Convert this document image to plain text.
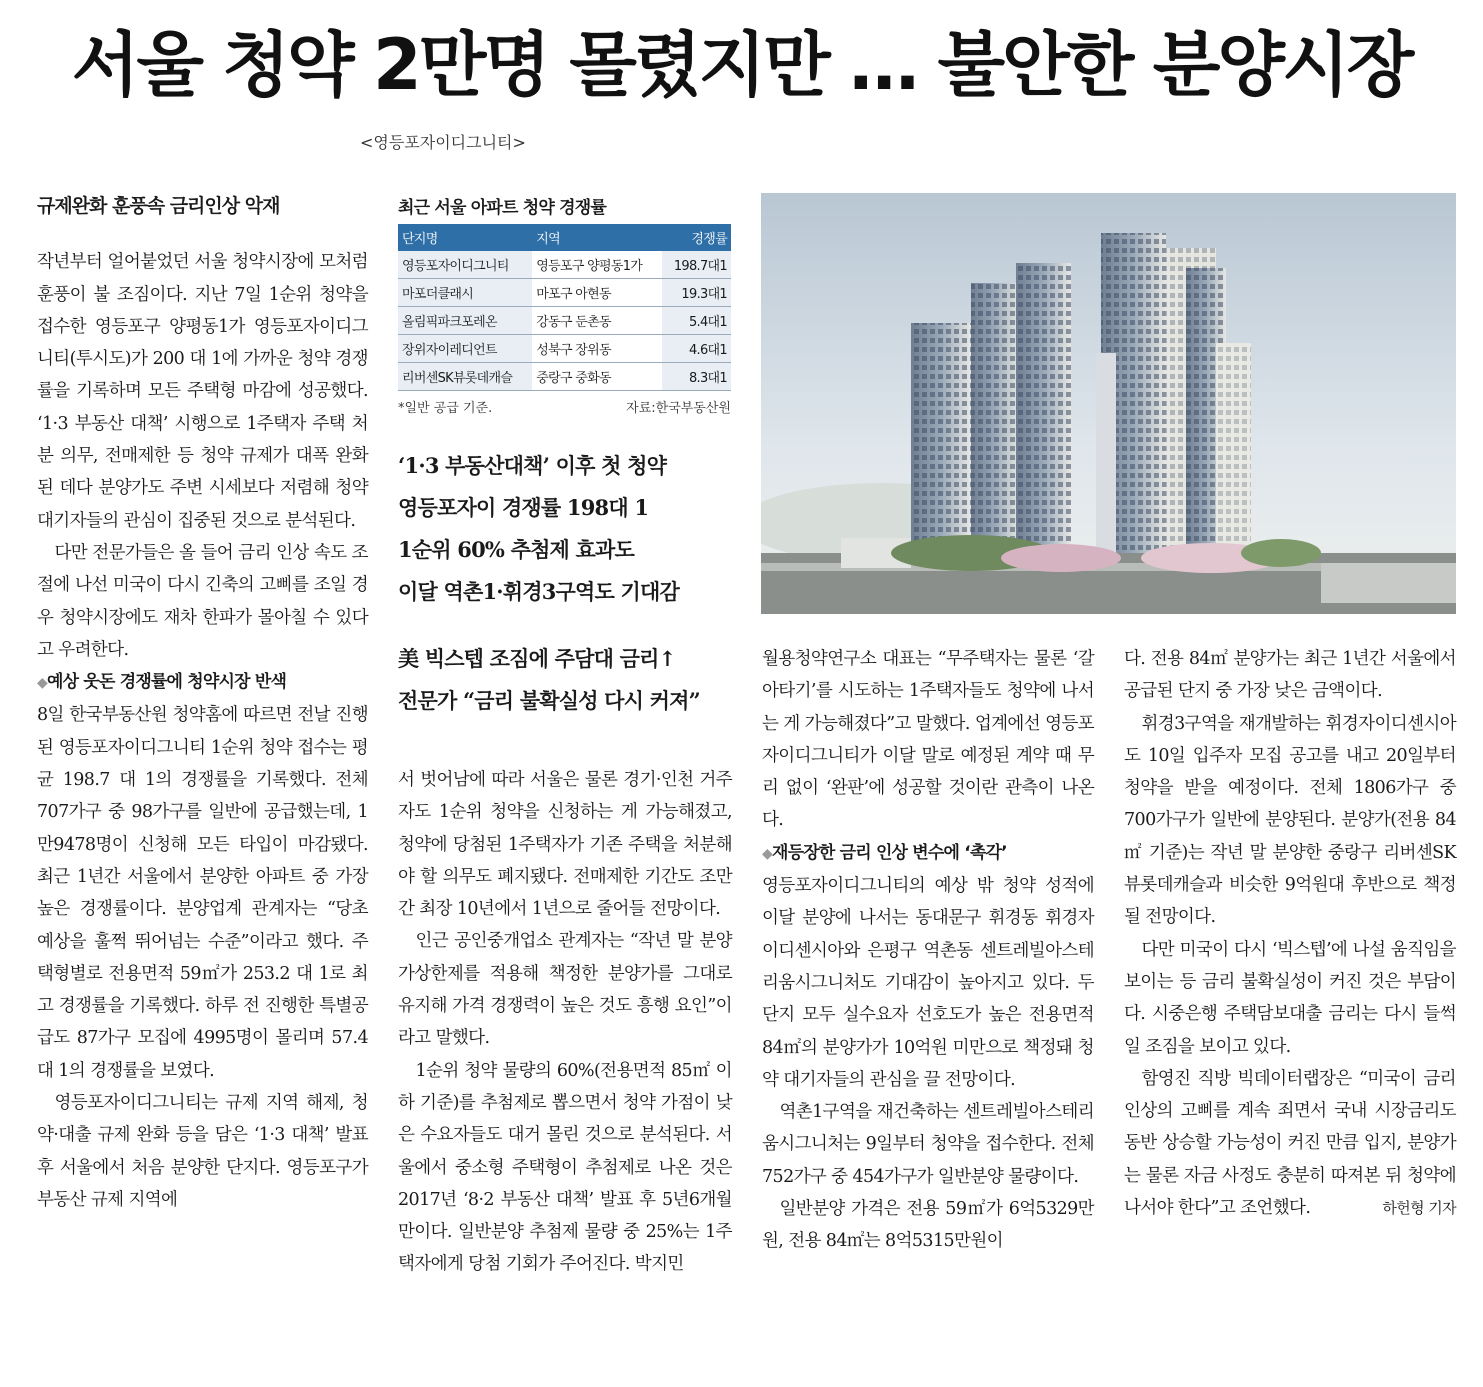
서울 청약 2만명 몰렸지만 … 불안한 분양시장
<영등포자이디그니티>

규제완화 훈풍속 금리인상 악재

작년부터 얼어붙었던 서울 청약시장에 모처럼 훈풍이 불 조짐이다. 지난 7일 1순위 청약을 접수한 영등포구 양평동1가 영등포자이디그니티(투시도)가 200 대 1에 가까운 청약 경쟁률을 기록하며 모든 주택형 마감에 성공했다. ‘1·3 부동산 대책’ 시행으로 1주택자 주택 처분 의무, 전매제한 등 청약 규제가 대폭 완화된 데다 분양가도 주변 시세보다 저렴해 청약 대기자들의 관심이 집중된 것으로 분석된다.

다만 전문가들은 올 들어 금리 인상 속도 조절에 나선 미국이 다시 긴축의 고삐를 조일 경우 청약시장에도 재차 한파가 몰아칠 수 있다고 우려한다.

◆예상 웃돈 경쟁률에 청약시장 반색

8일 한국부동산원 청약홈에 따르면 전날 진행된 영등포자이디그니티 1순위 청약 접수는 평균 198.7 대 1의 경쟁률을 기록했다. 전체 707가구 중 98가구를 일반에 공급했는데, 1만9478명이 신청해 모든 타입이 마감됐다. 최근 1년간 서울에서 분양한 아파트 중 가장 높은 경쟁률이다. 분양업계 관계자는 “당초 예상을 훌쩍 뛰어넘는 수준”이라고 했다. 주택형별로 전용면적 59㎡가 253.2 대 1로 최고 경쟁률을 기록했다. 하루 전 진행한 특별공급도 87가구 모집에 4995명이 몰리며 57.4 대 1의 경쟁률을 보였다.

영등포자이디그니티는 규제 지역 해제, 청약·대출 규제 완화 등을 담은 ‘1·3 대책’ 발표 후 서울에서 처음 분양한 단지다. 영등포구가 부동산 규제 지역에

최근 서울 아파트 청약 경쟁률
단지명	지역	경쟁률
영등포자이디그니티	영등포구 양평동1가	198.7대1
마포더클래시	마포구 아현동	19.3대1
올림픽파크포레온	강동구 둔촌동	5.4대1
장위자이레디언트	성북구 장위동	4.6대1
리버센SK뷰롯데캐슬	중랑구 중화동	8.3대1
*일반 공급 기준.	자료:한국부동산원
‘1·3 부동산대책’ 이후 첫 청약
영등포자이 경쟁률 198대 1
1순위 60% 추첨제 효과도
이달 역촌1·휘경3구역도 기대감
美 빅스텝 조짐에 주담대 금리↑
전문가 “금리 불확실성 다시 커져”

서 벗어남에 따라 서울은 물론 경기·인천 거주자도 1순위 청약을 신청하는 게 가능해졌고, 청약에 당첨된 1주택자가 기존 주택을 처분해야 할 의무도 폐지됐다. 전매제한 기간도 조만간 최장 10년에서 1년으로 줄어들 전망이다.

인근 공인중개업소 관계자는 “작년 말 분양가상한제를 적용해 책정한 분양가를 그대로 유지해 가격 경쟁력이 높은 것도 흥행 요인”이라고 말했다.

1순위 청약 물량의 60%(전용면적 85㎡ 이하 기준)를 추첨제로 뽑으면서 청약 가점이 낮은 수요자들도 대거 몰린 것으로 분석된다. 서울에서 중소형 주택형이 추첨제로 나온 것은 2017년 ‘8·2 부동산 대책’ 발표 후 5년6개월 만이다. 일반분양 추첨제 물량 중 25%는 1주택자에게 당첨 기회가 주어진다. 박지민

월용청약연구소 대표는 “무주택자는 물론 ‘갈아타기’를 시도하는 1주택자들도 청약에 나서는 게 가능해졌다”고 말했다. 업계에선 영등포자이디그니티가 이달 말로 예정된 계약 때 무리 없이 ‘완판’에 성공할 것이란 관측이 나온다.

◆재등장한 금리 인상 변수에 ‘촉각’

영등포자이디그니티의 예상 밖 청약 성적에 이달 분양에 나서는 동대문구 휘경동 휘경자이디센시아와 은평구 역촌동 센트레빌아스테리움시그니처도 기대감이 높아지고 있다. 두 단지 모두 실수요자 선호도가 높은 전용면적 84㎡의 분양가가 10억원 미만으로 책정돼 청약 대기자들의 관심을 끌 전망이다.

역촌1구역을 재건축하는 센트레빌아스테리움시그니처는 9일부터 청약을 접수한다. 전체 752가구 중 454가구가 일반분양 물량이다.

일반분양 가격은 전용 59㎡가 6억5329만원, 전용 84㎡는 8억5315만원이

다. 전용 84㎡ 분양가는 최근 1년간 서울에서 공급된 단지 중 가장 낮은 금액이다.

휘경3구역을 재개발하는 휘경자이디센시아도 10일 입주자 모집 공고를 내고 20일부터 청약을 받을 예정이다. 전체 1806가구 중 700가구가 일반에 분양된다. 분양가(전용 84㎡ 기준)는 작년 말 분양한 중랑구 리버센SK뷰롯데캐슬과 비슷한 9억원대 후반으로 책정될 전망이다.

다만 미국이 다시 ‘빅스텝’에 나설 움직임을 보이는 등 금리 불확실성이 커진 것은 부담이다. 시중은행 주택담보대출 금리는 다시 들썩일 조짐을 보이고 있다.

함영진 직방 빅데이터랩장은 “미국이 금리 인상의 고삐를 계속 죄면서 국내 시장금리도 동반 상승할 가능성이 커진 만큼 입지, 분양가는 물론 자금 사정도 충분히 따져본 뒤 청약에 나서야 한다”고 조언했다.	하헌형 기자
